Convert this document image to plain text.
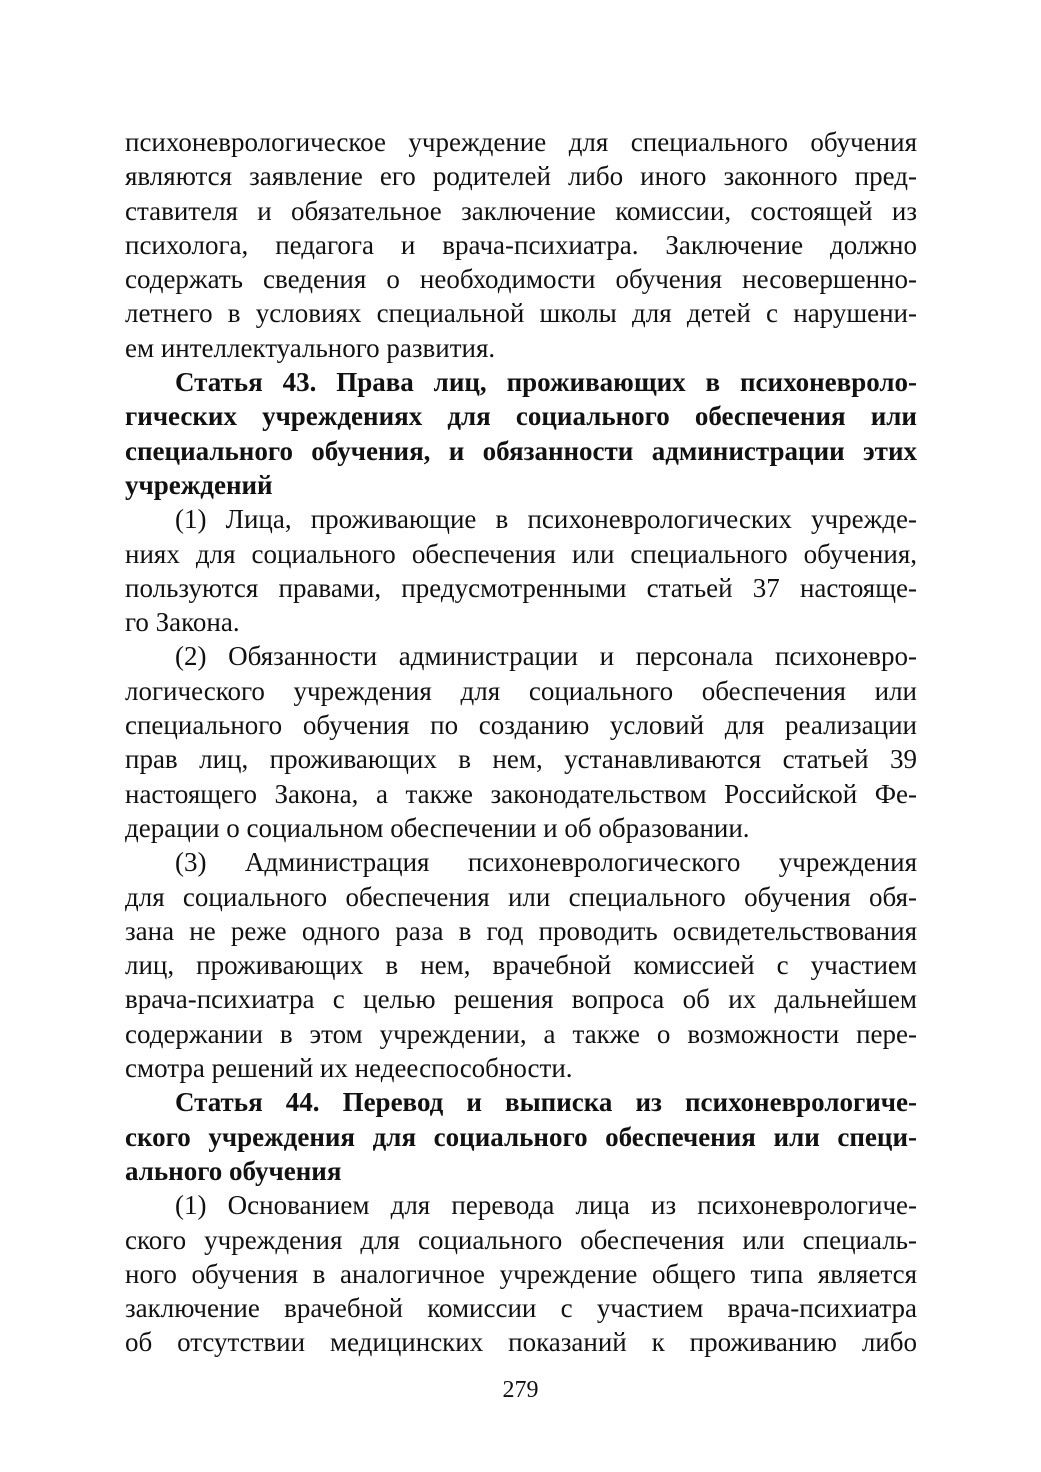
психоневрологическое учреждение для специального обучения
являются заявление его родителей либо иного законного пред-
ставителя и обязательное заключение комиссии, состоящей из
психолога, педагога и врача-психиатра. Заключение должно
содержать сведения о необходимости обучения несовершенно-
летнего в условиях специальной школы для детей с нарушени-
ем интеллектуального развития.
Статья 43. Права лиц, проживающих в психоневроло-
гических учреждениях для социального обеспечения или
специального обучения, и обязанности администрации этих
учреждений
(1) Лица, проживающие в психоневрологических учрежде-
ниях для социального обеспечения или специального обучения,
пользуются правами, предусмотренными статьей 37 настояще-
го Закона.
(2) Обязанности администрации и персонала психоневро-
логического учреждения для социального обеспечения или
специального обучения по созданию условий для реализации
прав лиц, проживающих в нем, устанавливаются статьей 39
настоящего Закона, а также законодательством Российской Фе-
дерации о социальном обеспечении и об образовании.
(3) Администрация психоневрологического учреждения
для социального обеспечения или специального обучения обя-
зана не реже одного раза в год проводить освидетельствования
лиц, проживающих в нем, врачебной комиссией с участием
врача-психиатра с целью решения вопроса об их дальнейшем
содержании в этом учреждении, а также о возможности пере-
смотра решений их недееспособности.
Статья 44. Перевод и выписка из психоневрологиче-
ского учреждения для социального обеспечения или специ-
ального обучения
(1) Основанием для перевода лица из психоневрологиче-
ского учреждения для социального обеспечения или специаль-
ного обучения в аналогичное учреждение общего типа является
заключение врачебной комиссии с участием врача-психиатра
об отсутствии медицинских показаний к проживанию либо
279
